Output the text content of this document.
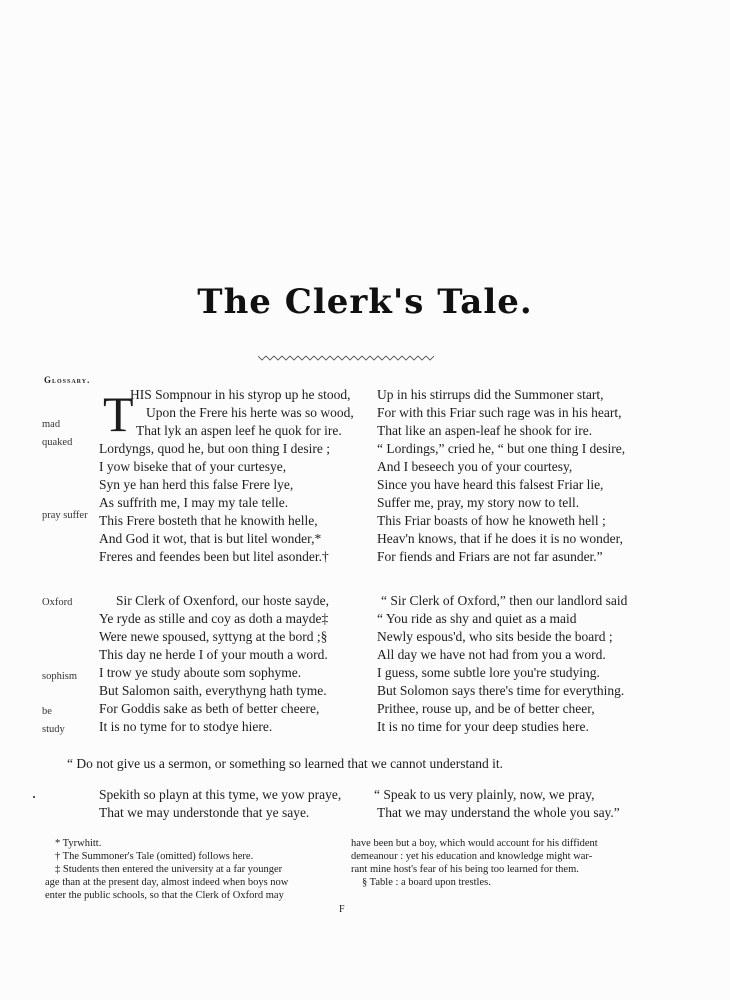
The Clerk's Tale.
Glossary.
mad
quaked
pray suffer
Oxford
sophism
be
study
T
HIS Sompnour in his styrop up he stood,
Upon the Frere his herte was so wood,
That lyk an aspen leef he quok for ire.
Lordyngs, quod he, but oon thing I desire ;
I yow biseke that of your curtesye,
Syn ye han herd this false Frere lye,
As suffrith me, I may my tale telle.
This Frere bosteth that he knowith helle,
And God it wot, that is but litel wonder,*
Freres and feendes been but litel asonder.†
Up in his stirrups did the Summoner start,
For with this Friar such rage was in his heart,
That like an aspen-leaf he shook for ire.
“ Lordings,” cried he, “ but one thing I desire,
And I beseech you of your courtesy,
Since you have heard this falsest Friar lie,
Suffer me, pray, my story now to tell.
This Friar boasts of how he knoweth hell ;
Heav'n knows, that if he does it is no wonder,
For fiends and Friars are not far asunder.”
Sir Clerk of Oxenford, our hoste sayde,
Ye ryde as stille and coy as doth a mayde‡
Were newe spoused, syttyng at the bord ;§
This day ne herde I of your mouth a word.
I trow ye study aboute som sophyme.
But Salomon saith, everythyng hath tyme.
For Goddis sake as beth of better cheere,
It is no tyme for to stodye hiere.
“ Sir Clerk of Oxford,” then our landlord said
“ You ride as shy and quiet as a maid
Newly espous'd, who sits beside the board ;
All day we have not had from you a word.
I guess, some subtle lore you're studying.
But Solomon says there's time for everything.
Prithee, rouse up, and be of better cheer,
It is no time for your deep studies here.
“ Do not give us a sermon, or something so learned that we cannot understand it.
Spekith so playn at this tyme, we yow praye,
That we may understonde that ye saye.
“ Speak to us very plainly, now, we pray,
That we may understand the whole you say.”
* Tyrwhitt.
† The Summoner's Tale (omitted) follows here.
‡ Students then entered the university at a far younger
age than at the present day, almost indeed when boys now
enter the public schools, so that the Clerk of Oxford may
have been but a boy, which would account for his diffident
demeanour : yet his education and knowledge might war-
rant mine host's fear of his being too learned for them.
§ Table : a board upon trestles.
F
